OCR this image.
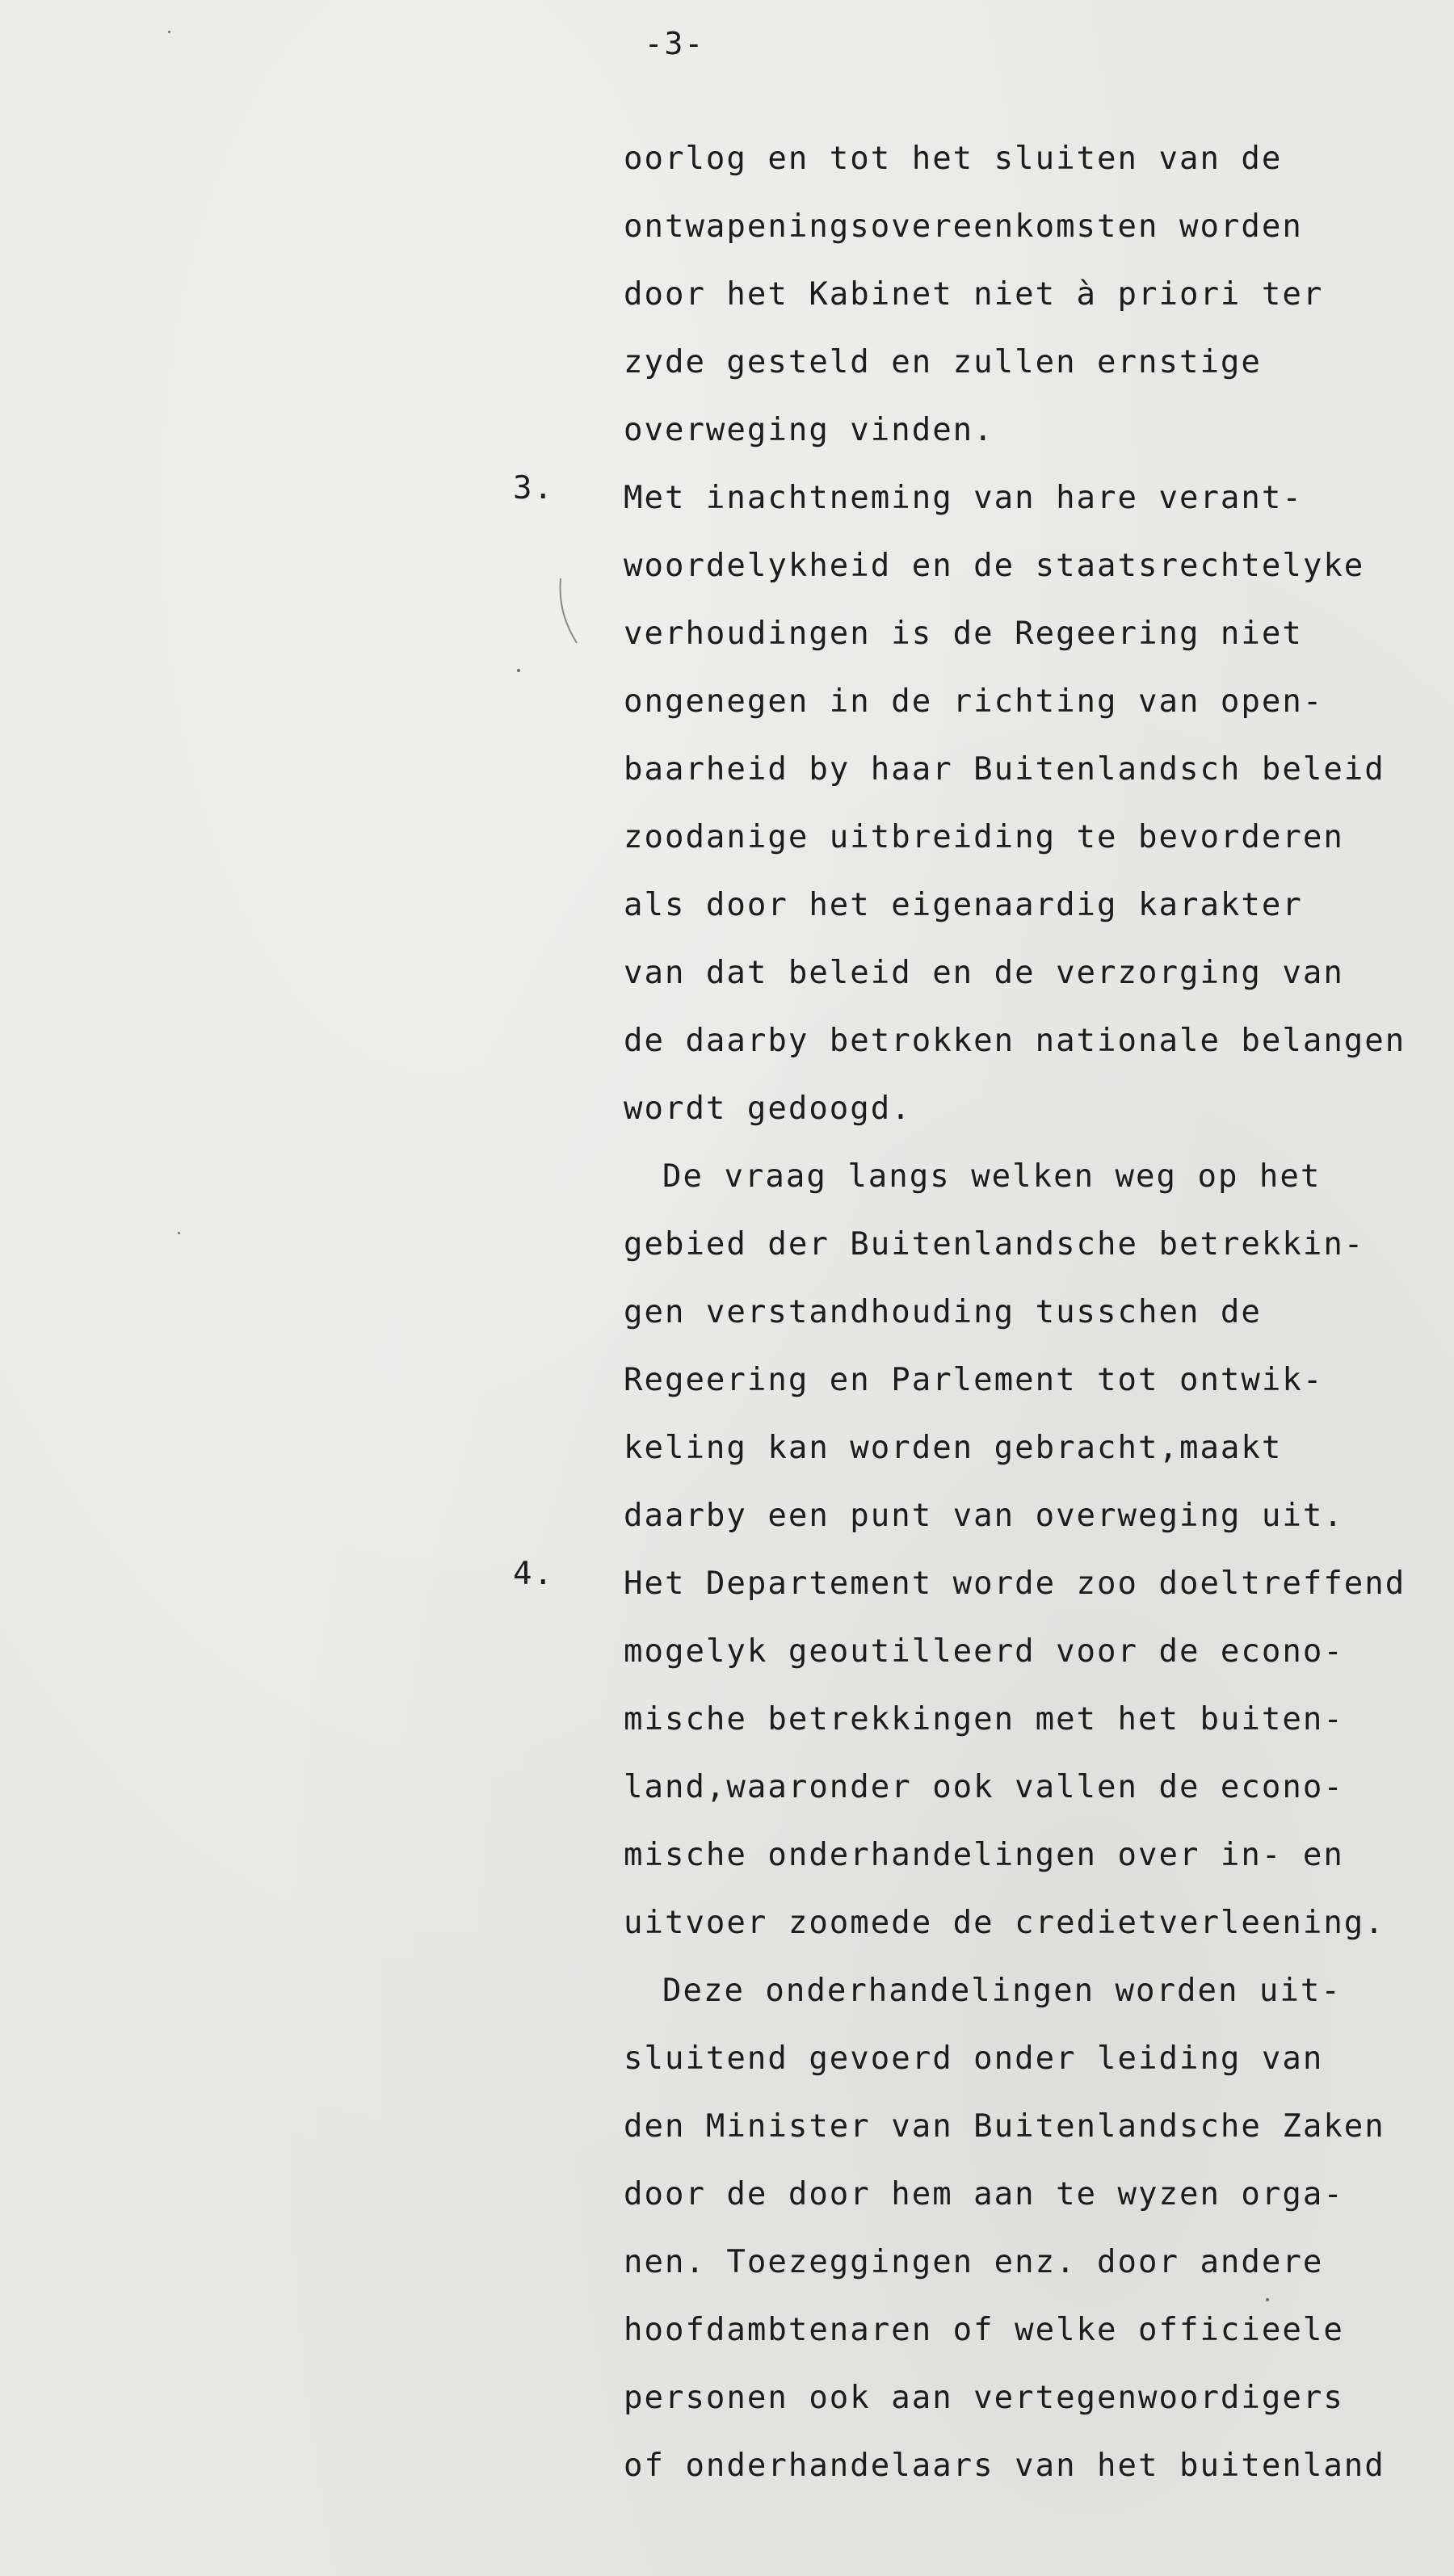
-3-
3.
4.
oorlog en tot het sluiten van de
ontwapeningsovereenkomsten worden
door het Kabinet niet à priori ter
zyde gesteld en zullen ernstige
overweging vinden.
Met inachtneming van hare verant-
woordelykheid en de staatsrechtelyke
verhoudingen is de Regeering niet
ongenegen in de richting van open-
baarheid by haar Buitenlandsch beleid
zoodanige uitbreiding te bevorderen
als door het eigenaardig karakter
van dat beleid en de verzorging van
de daarby betrokken nationale belangen
wordt gedoogd.
De vraag langs welken weg op het
gebied der Buitenlandsche betrekkin-
gen verstandhouding tusschen de
Regeering en Parlement tot ontwik-
keling kan worden gebracht,maakt
daarby een punt van overweging uit.
Het Departement worde zoo doeltreffend
mogelyk geoutilleerd voor de econo-
mische betrekkingen met het buiten-
land,waaronder ook vallen de econo-
mische onderhandelingen over in- en
uitvoer zoomede de credietverleening.
Deze onderhandelingen worden uit-
sluitend gevoerd onder leiding van
den Minister van Buitenlandsche Zaken
door de door hem aan te wyzen orga-
nen. Toezeggingen enz. door andere
hoofdambtenaren of welke officieele
personen ook aan vertegenwoordigers
of onderhandelaars van het buitenland
